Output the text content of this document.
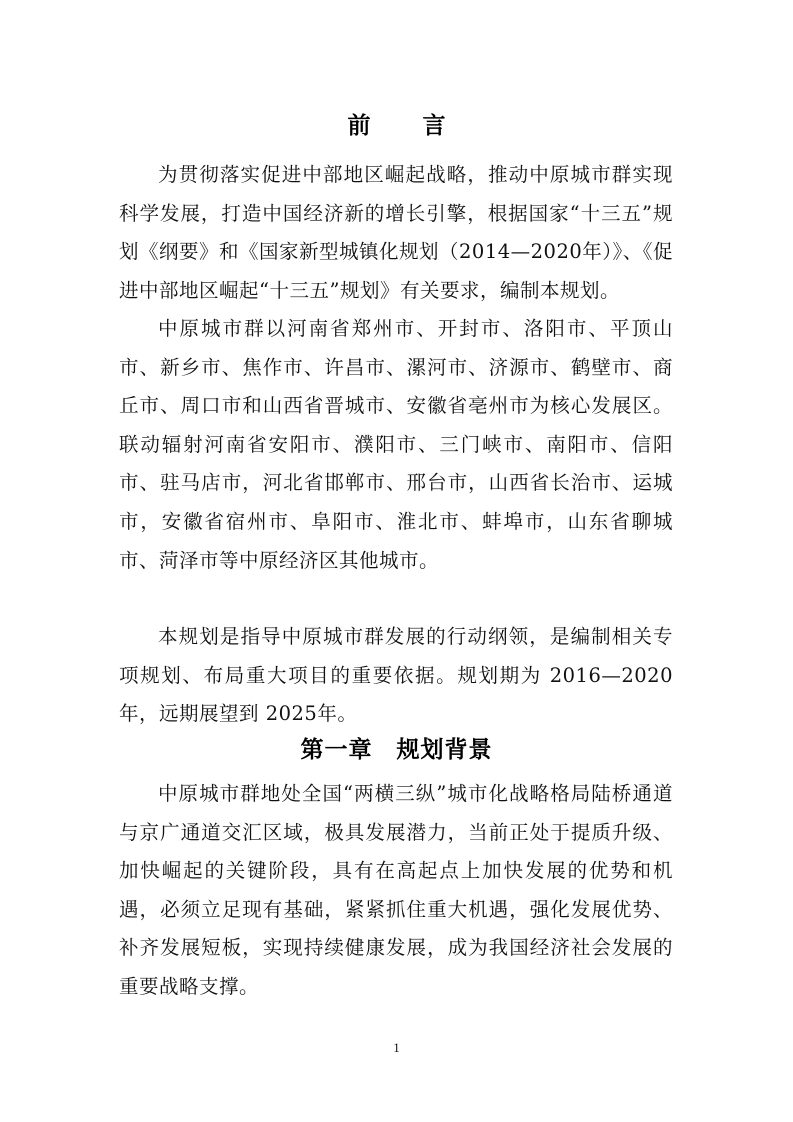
前 言

为贯彻落实促进中部地区崛起战略，推动中原城市群实现科学发展，打造中国经济新的增长引擎，根据国家“十三五”规划《纲要》和《国家新型城镇化规划（2014—2020年）》、《促进中部地区崛起“十三五”规划》有关要求，编制本规划。

中原城市群以河南省郑州市、开封市、洛阳市、平顶山市、新乡市、焦作市、许昌市、漯河市、济源市、鹤壁市、商丘市、周口市和山西省晋城市、安徽省亳州市为核心发展区。联动辐射河南省安阳市、濮阳市、三门峡市、南阳市、信阳市、驻马店市，河北省邯郸市、邢台市，山西省长治市、运城市，安徽省宿州市、阜阳市、淮北市、蚌埠市，山东省聊城市、菏泽市等中原经济区其他城市。

本规划是指导中原城市群发展的行动纲领，是编制相关专项规划、布局重大项目的重要依据。规划期为 2016—2020 年，远期展望到 2025年。

第一章　规划背景

中原城市群地处全国“两横三纵”城市化战略格局陆桥通道与京广通道交汇区域，极具发展潜力，当前正处于提质升级、加快崛起的关键阶段，具有在高起点上加快发展的优势和机遇，必须立足现有基础，紧紧抓住重大机遇，强化发展优势、补齐发展短板，实现持续健康发展，成为我国经济社会发展的重要战略支撑。

1
